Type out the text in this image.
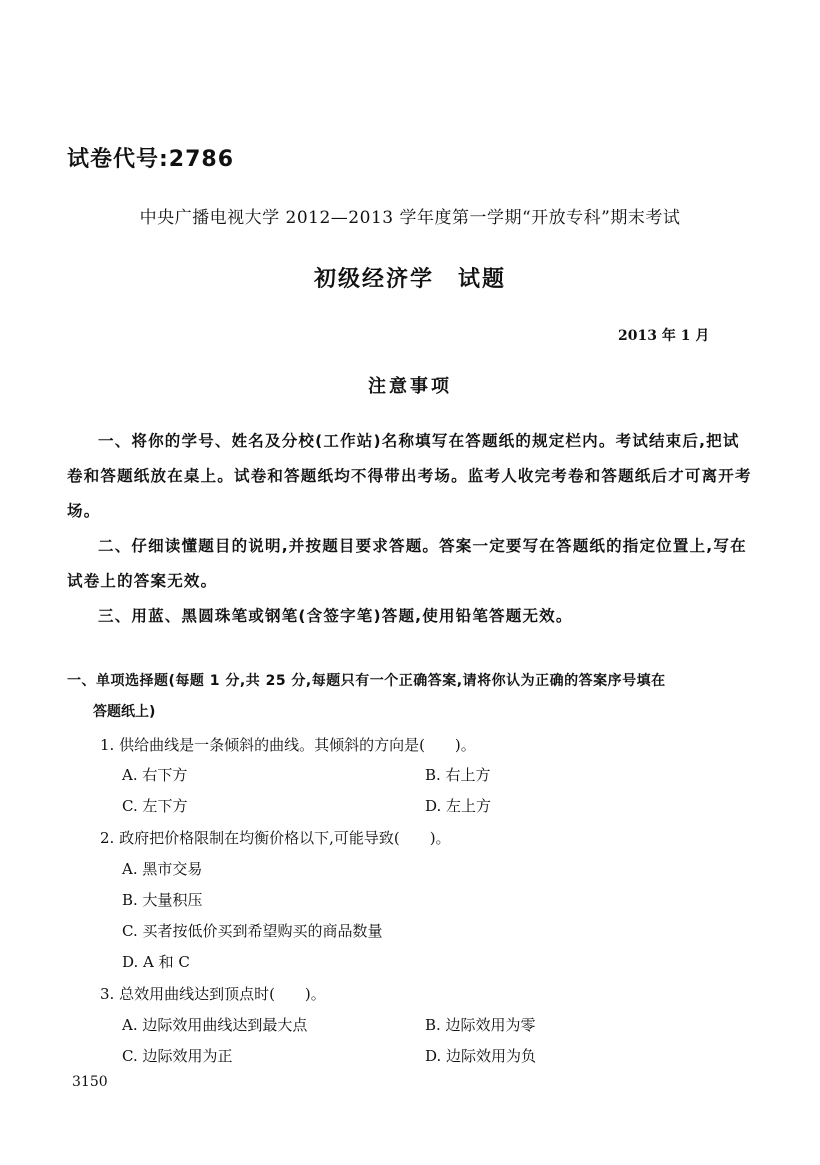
试卷代号:2786
中央广播电视大学 2012—2013 学年度第一学期“开放专科”期末考试
初级经济学　试题
2013 年 1 月
注意事项

一、将你的学号、姓名及分校(工作站)名称填写在答题纸的规定栏内。考试结束后,把试卷和答题纸放在桌上。试卷和答题纸均不得带出考场。监考人收完考卷和答题纸后才可离开考场。

二、仔细读懂题目的说明,并按题目要求答题。答案一定要写在答题纸的指定位置上,写在试卷上的答案无效。

三、用蓝、黑圆珠笔或钢笔(含签字笔)答题,使用铅笔答题无效。

一、单项选择题(每题 1 分,共 25 分,每题只有一个正确答案,请将你认为正确的答案序号填在
答题纸上)
1. 供给曲线是一条倾斜的曲线。其倾斜的方向是(　　)。
A. 右下方	B. 右上方
C. 左下方	D. 左上方
2. 政府把价格限制在均衡价格以下,可能导致(　　)。
A. 黑市交易
B. 大量积压
C. 买者按低价买到希望购买的商品数量
D. A 和 C
3. 总效用曲线达到顶点时(　　)。
A. 边际效用曲线达到最大点	B. 边际效用为零
C. 边际效用为正	D. 边际效用为负
3150
